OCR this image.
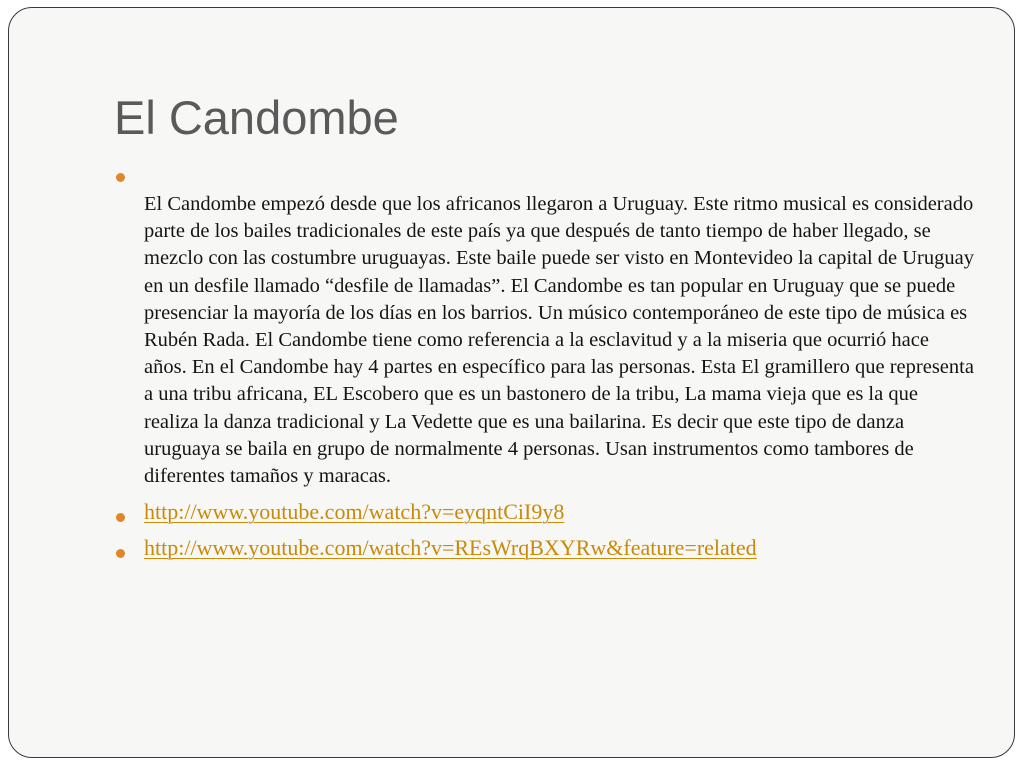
El Candombe

El Candombe empezó desde que los africanos llegaron a Uruguay. Este ritmo musical es considerado parte de los bailes tradicionales de este país ya que después de tanto tiempo de haber llegado, se mezclo con las costumbre uruguayas. Este baile puede ser visto en Montevideo la capital de Uruguay en un desfile llamado “desfile de llamadas”. El Candombe es tan popular en Uruguay que se puede presenciar la mayoría de los días en los barrios. Un músico contemporáneo de este tipo de música es Rubén Rada. El Candombe tiene como referencia a la esclavitud y a la miseria que ocurrió hace años. En el Candombe hay 4 partes en específico para las personas. Esta El gramillero que representa a una tribu africana, EL Escobero que es un bastonero de la tribu, La mama vieja que es la que realiza la danza tradicional y La Vedette que es una bailarina. Es decir que este tipo de danza uruguaya se baila en grupo de normalmente 4 personas. Usan instrumentos como tambores de diferentes tamaños y maracas.

http://www.youtube.com/watch?v=eyqntCiI9y8
http://www.youtube.com/watch?v=REsWrqBXYRw&feature=related
